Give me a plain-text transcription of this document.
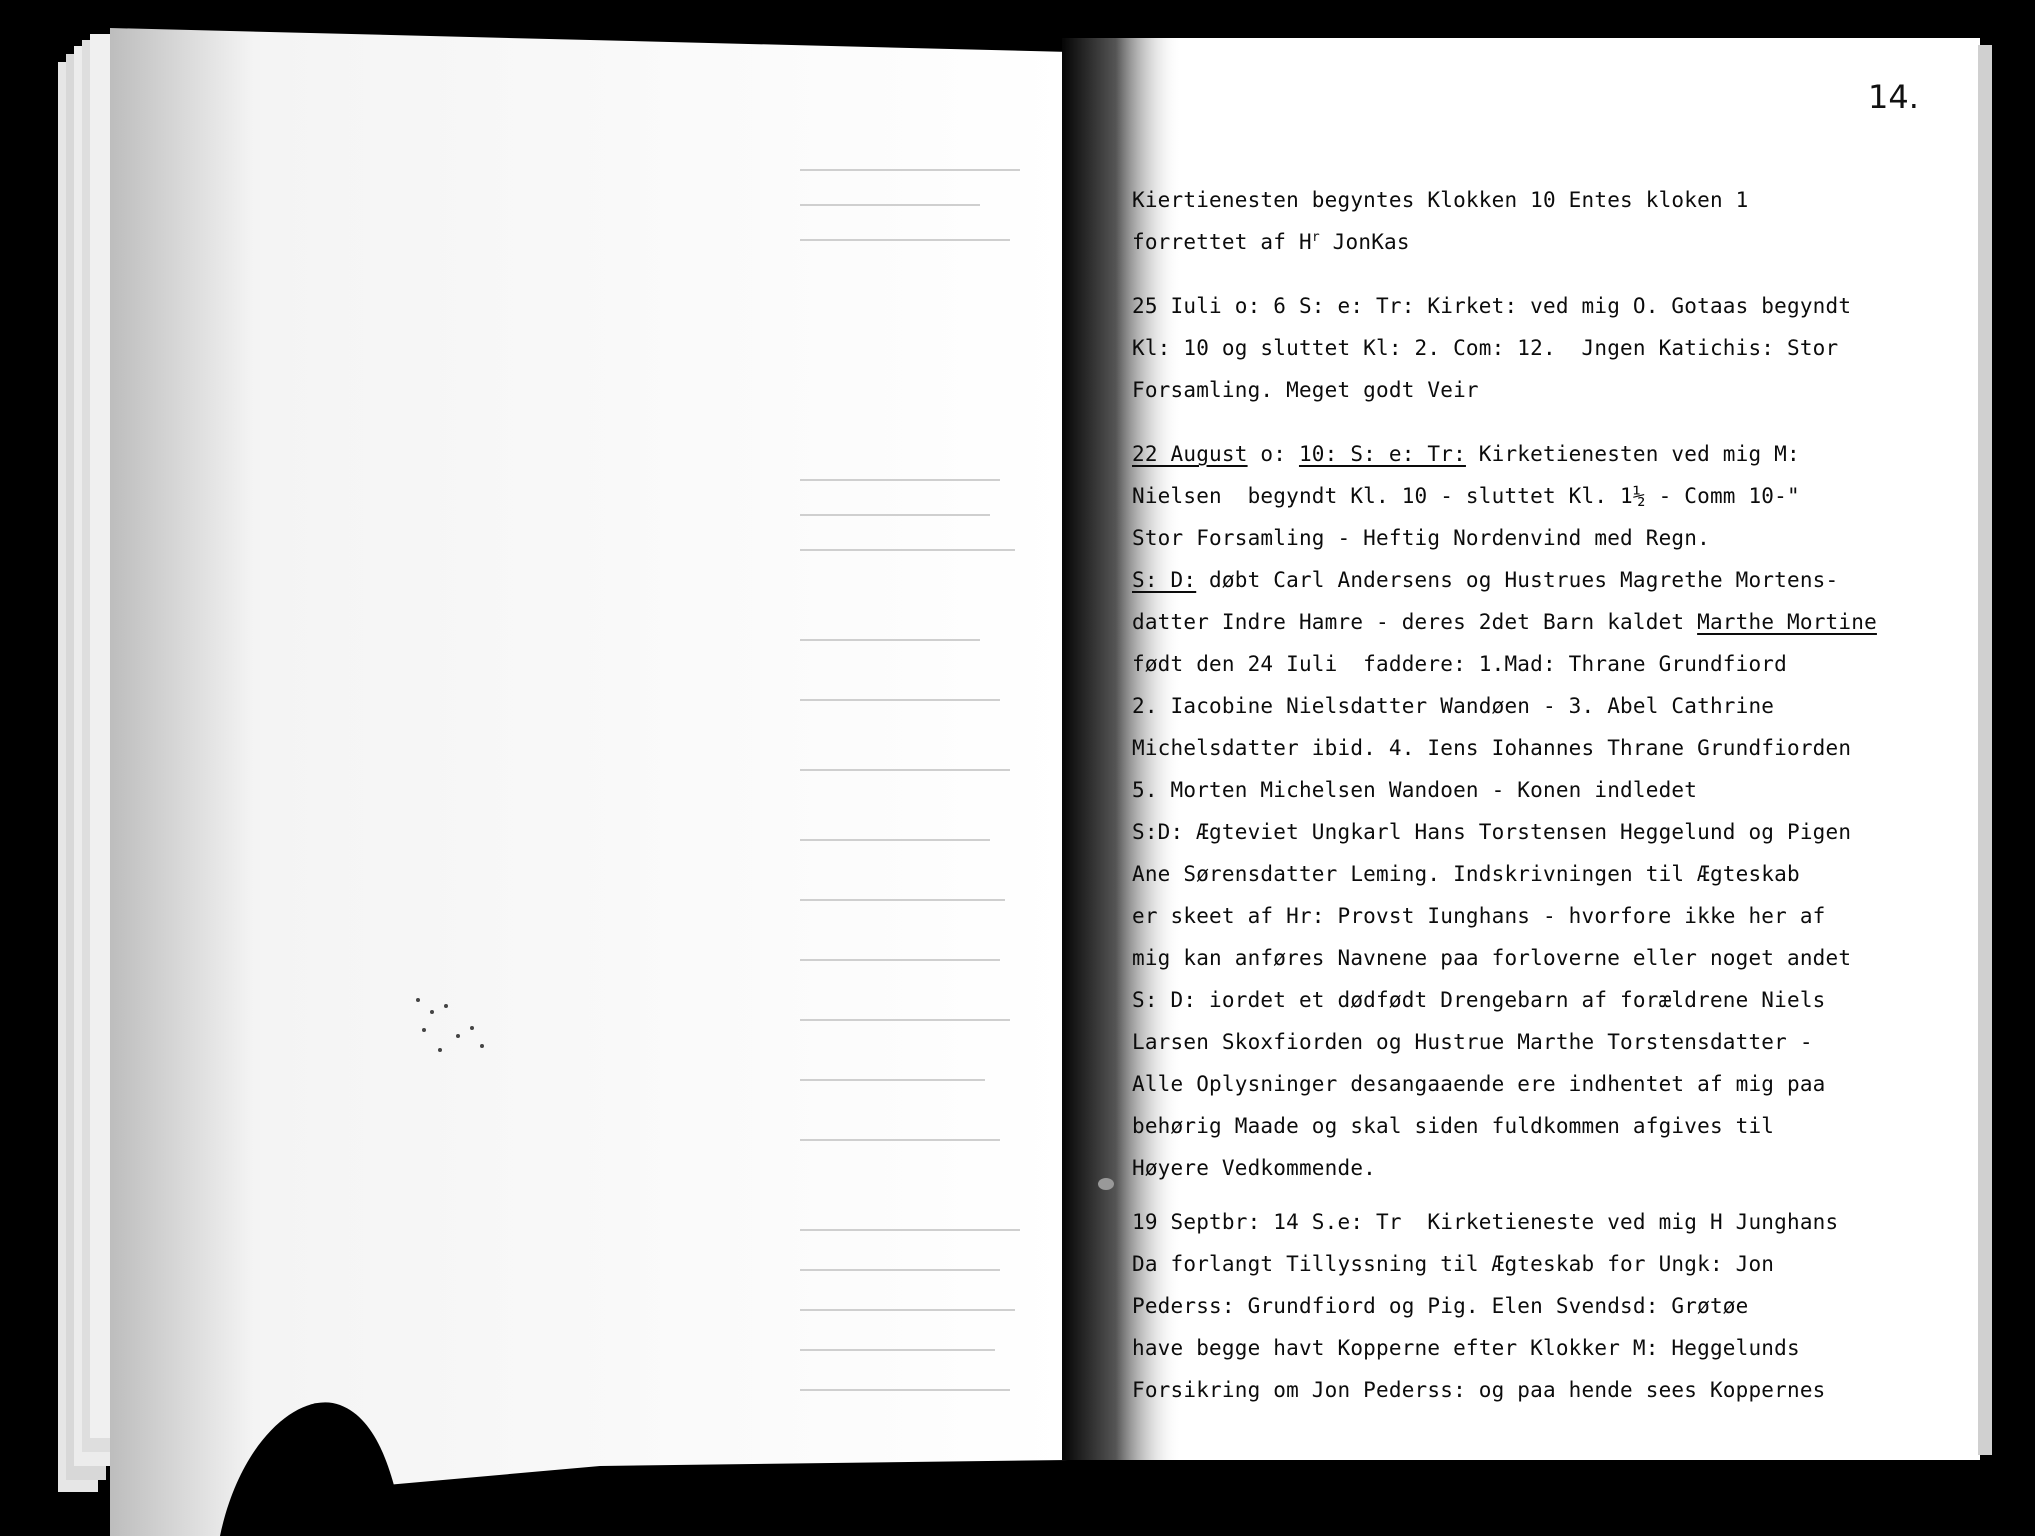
14.
Kiertienesten begyntes Klokken 10 Entes kloken 1
forrettet af $H^r$ JonKas
25 Iuli o: 6 S: e: Tr: Kirket: ved mig O. Gotaas begyndt
Kl: 10 og sluttet Kl: 2. Com: 12.  Jngen Katichis: Stor
Forsamling. Meget godt Veir
22 August o: 10: S: e: Tr: Kirketienesten ved mig M:
Nielsen  begyndt Kl. 10 - sluttet Kl. 1½ - Comm 10-"
Stor Forsamling - Heftig Nordenvind med Regn.
S: D: døbt Carl Andersens og Hustrues Magrethe Mortens-
datter Indre Hamre - deres 2det Barn kaldet Marthe Mortine
født den 24 Iuli  faddere: 1.Mad: Thrane Grundfiord
2. Iacobine Nielsdatter Wandøen - 3. Abel Cathrine
Michelsdatter ibid. 4. Iens Iohannes Thrane Grundfiorden
5. Morten Michelsen Wandoen - Konen indledet
S:D: Ægteviet Ungkarl Hans Torstensen Heggelund og Pigen
Ane Sørensdatter Leming. Indskrivningen til Ægteskab
er skeet af Hr: Provst Iunghans - hvorfore ikke her af
mig kan anføres Navnene paa forloverne eller noget andet
S: D: iordet et dødfødt Drengebarn af forældrene Niels
Larsen Skoxfiorden og Hustrue Marthe Torstensdatter -
Alle Oplysninger desangaaende ere indhentet af mig paa
behørig Maade og skal siden fuldkommen afgives til
Høyere Vedkommende.
19 Septbr: 14 S.e: Tr  Kirketieneste ved mig H Junghans
Da forlangt Tillyssning til Ægteskab for Ungk: Jon
Pederss: Grundfiord og Pig. Elen Svendsd: Grøtøe
have begge havt Kopperne efter Klokker M: Heggelunds
Forsikring om Jon Pederss: og paa hende sees Koppernes
